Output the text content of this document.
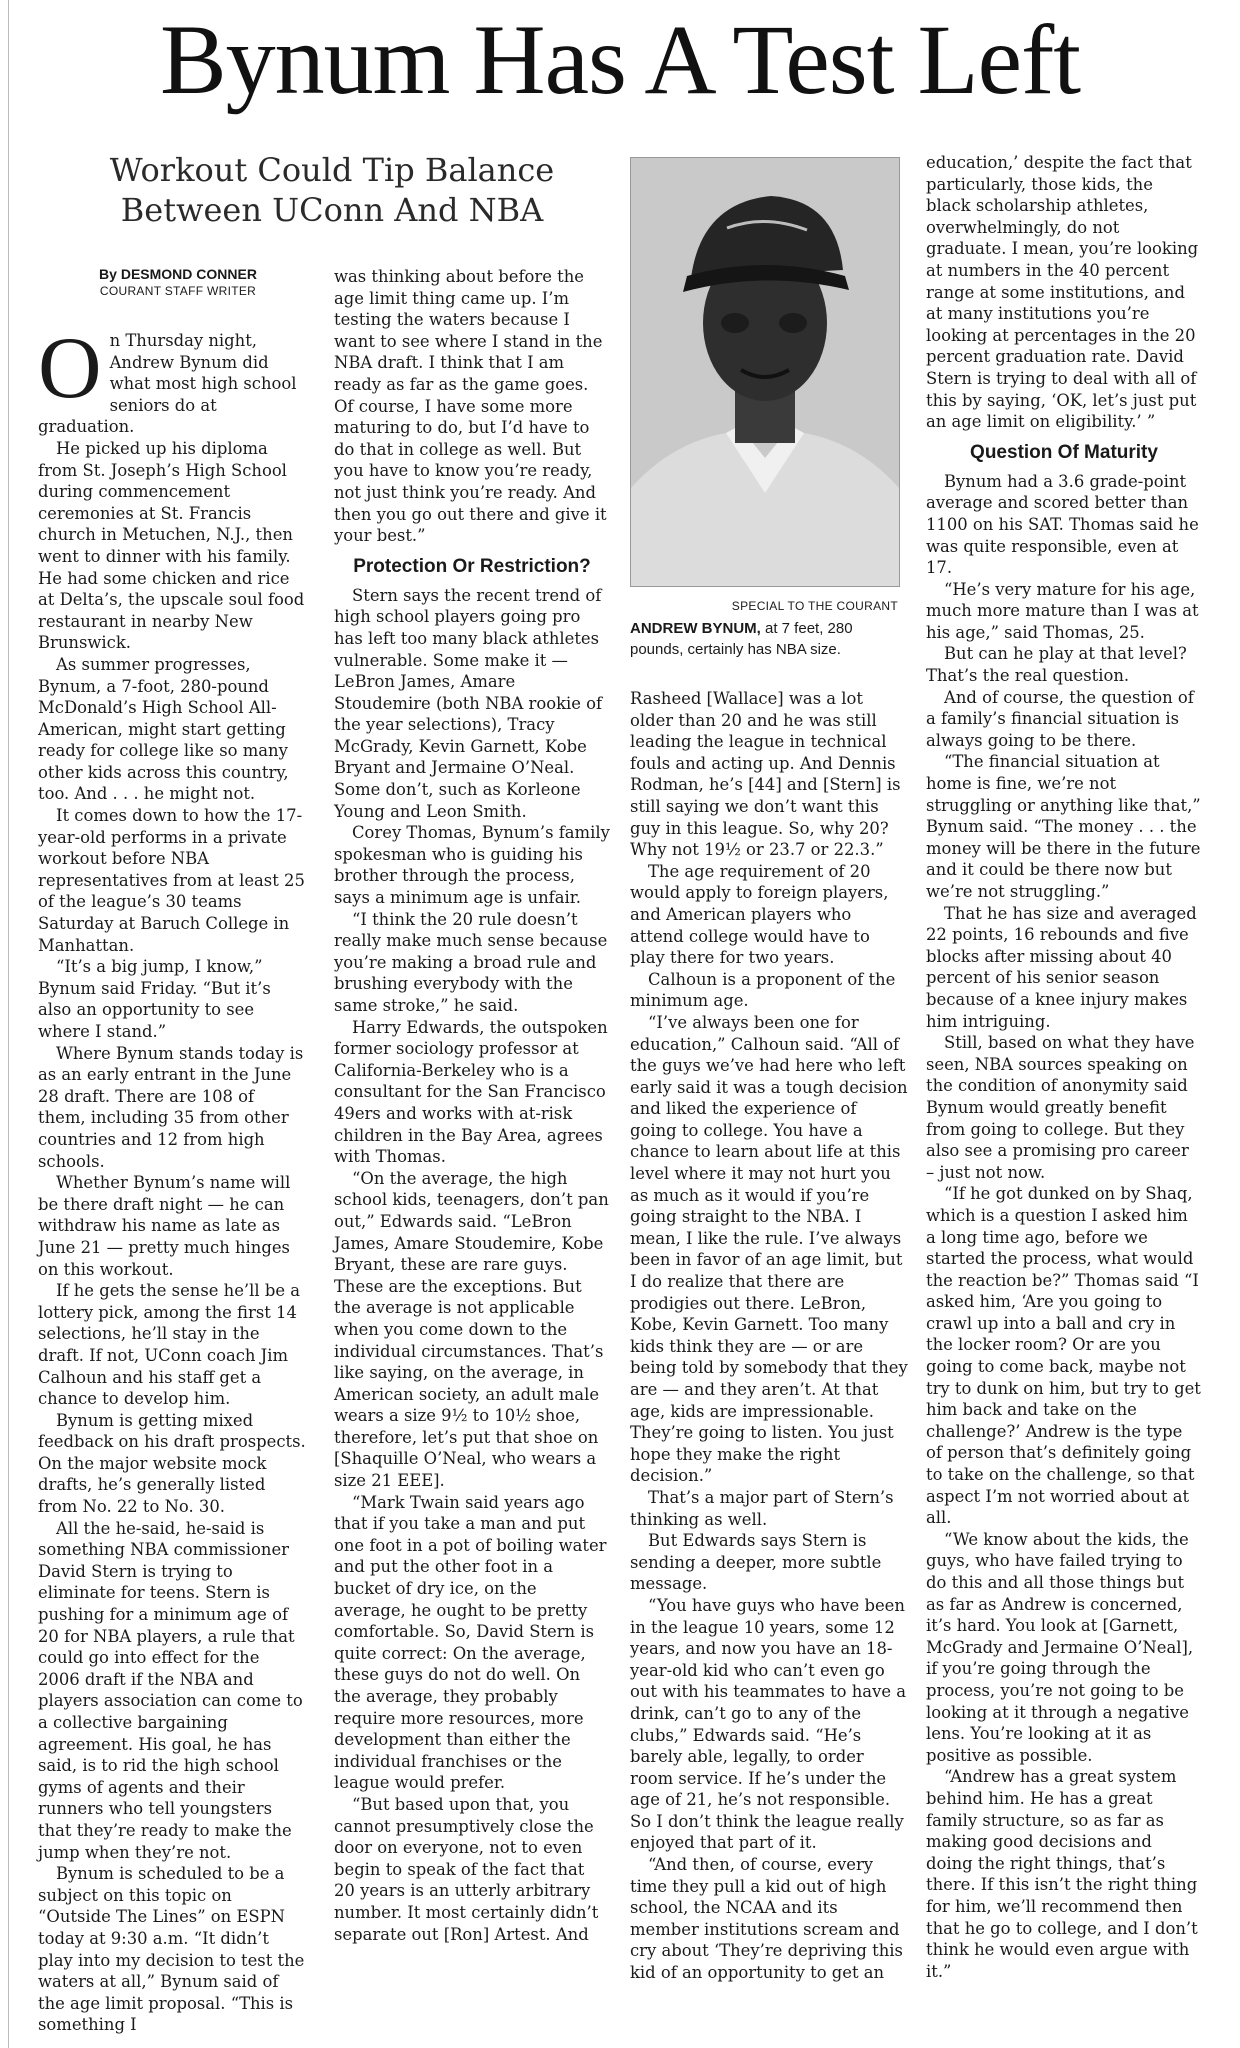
Bynum Has A Test Left
Workout Could Tip Balance Between UConn And NBA
By DESMOND CONNER
COURANT STAFF WRITER

On Thursday night, Andrew Bynum did what most high school seniors do at graduation.

He picked up his diploma from St. Joseph’s High School during commencement ceremonies at St. Francis church in Metuchen, N.J., then went to dinner with his family. He had some chicken and rice at Delta’s, the upscale soul food restaurant in nearby New Brunswick.

As summer progresses, Bynum, a 7-foot, 280-pound McDonald’s High School All-American, might start getting ready for college like so many other kids across this country, too. And . . . he might not.

It comes down to how the 17-year-old performs in a private workout before NBA representatives from at least 25 of the league’s 30 teams Saturday at Baruch College in Manhattan.

“It’s a big jump, I know,” Bynum said Friday. “But it’s also an opportunity to see where I stand.”

Where Bynum stands today is as an early entrant in the June 28 draft. There are 108 of them, including 35 from other countries and 12 from high schools.

Whether Bynum’s name will be there draft night — he can withdraw his name as late as June 21 — pretty much hinges on this workout.

If he gets the sense he’ll be a lottery pick, among the first 14 selections, he’ll stay in the draft. If not, UConn coach Jim Calhoun and his staff get a chance to develop him.

Bynum is getting mixed feedback on his draft prospects. On the major website mock drafts, he’s generally listed from No. 22 to No. 30.

All the he-said, he-said is something NBA commissioner David Stern is trying to eliminate for teens. Stern is pushing for a minimum age of 20 for NBA players, a rule that could go into effect for the 2006 draft if the NBA and players association can come to a collective bargaining agreement. His goal, he has said, is to rid the high school gyms of agents and their runners who tell youngsters that they’re ready to make the jump when they’re not.

Bynum is scheduled to be a subject on this topic on “Outside The Lines” on ESPN today at 9:30 a.m. “It didn’t play into my decision to test the waters at all,” Bynum said of the age limit proposal. “This is something I

was thinking about before the age limit thing came up. I’m testing the waters because I want to see where I stand in the NBA draft. I think that I am ready as far as the game goes. Of course, I have some more maturing to do, but I’d have to do that in college as well. But you have to know you’re ready, not just think you’re ready. And then you go out there and give it your best.”

Protection Or Restriction?

Stern says the recent trend of high school players going pro has left too many black athletes vulnerable. Some make it — LeBron James, Amare Stoudemire (both NBA rookie of the year selections), Tracy McGrady, Kevin Garnett, Kobe Bryant and Jermaine O’Neal. Some don’t, such as Korleone Young and Leon Smith.

Corey Thomas, Bynum’s family spokesman who is guiding his brother through the process, says a minimum age is unfair.

“I think the 20 rule doesn’t really make much sense because you’re making a broad rule and brushing everybody with the same stroke,” he said.

Harry Edwards, the outspoken former sociology professor at California-Berkeley who is a consultant for the San Francisco 49ers and works with at-risk children in the Bay Area, agrees with Thomas.

“On the average, the high school kids, teenagers, don’t pan out,” Edwards said. “LeBron James, Amare Stoudemire, Kobe Bryant, these are rare guys. These are the exceptions. But the average is not applicable when you come down to the individual circumstances. That’s like saying, on the average, in American society, an adult male wears a size 9½ to 10½ shoe, therefore, let’s put that shoe on [Shaquille O’Neal, who wears a size 21 EEE].

“Mark Twain said years ago that if you take a man and put one foot in a pot of boiling water and put the other foot in a bucket of dry ice, on the average, he ought to be pretty comfortable. So, David Stern is quite correct: On the average, these guys do not do well. On the average, they probably require more resources, more development than either the individual franchises or the league would prefer.

“But based upon that, you cannot presumptively close the door on everyone, not to even begin to speak of the fact that 20 years is an utterly arbitrary number. It most certainly didn’t separate out [Ron] Artest. And

SPECIAL TO THE COURANT
ANDREW BYNUM, at 7 feet, 280 pounds, certainly has NBA size.

Rasheed [Wallace] was a lot older than 20 and he was still leading the league in technical fouls and acting up. And Dennis Rodman, he’s [44] and [Stern] is still saying we don’t want this guy in this league. So, why 20? Why not 19½ or 23.7 or 22.3.”

The age requirement of 20 would apply to foreign players, and American players who attend college would have to play there for two years.

Calhoun is a proponent of the minimum age.

“I’ve always been one for education,” Calhoun said. “All of the guys we’ve had here who left early said it was a tough decision and liked the experience of going to college. You have a chance to learn about life at this level where it may not hurt you as much as it would if you’re going straight to the NBA. I mean, I like the rule. I’ve always been in favor of an age limit, but I do realize that there are prodigies out there. LeBron, Kobe, Kevin Garnett. Too many kids think they are — or are being told by somebody that they are — and they aren’t. At that age, kids are impressionable. They’re going to listen. You just hope they make the right decision.”

That’s a major part of Stern’s thinking as well.

But Edwards says Stern is sending a deeper, more subtle message.

“You have guys who have been in the league 10 years, some 12 years, and now you have an 18-year-old kid who can’t even go out with his teammates to have a drink, can’t go to any of the clubs,” Edwards said. “He’s barely able, legally, to order room service. If he’s under the age of 21, he’s not responsible. So I don’t think the league really enjoyed that part of it.

“And then, of course, every time they pull a kid out of high school, the NCAA and its member institutions scream and cry about ‘They’re depriving this kid of an opportunity to get an

education,’ despite the fact that particularly, those kids, the black scholarship athletes, overwhelmingly, do not graduate. I mean, you’re looking at numbers in the 40 percent range at some institutions, and at many institutions you’re looking at percentages in the 20 percent graduation rate. David Stern is trying to deal with all of this by saying, ‘OK, let’s just put an age limit on eligibility.’ ”

Question Of Maturity

Bynum had a 3.6 grade-point average and scored better than 1100 on his SAT. Thomas said he was quite responsible, even at 17.

“He’s very mature for his age, much more mature than I was at his age,” said Thomas, 25.

But can he play at that level? That’s the real question.

And of course, the question of a family’s financial situation is always going to be there.

“The financial situation at home is fine, we’re not struggling or anything like that,” Bynum said. “The money . . . the money will be there in the future and it could be there now but we’re not struggling.”

That he has size and averaged 22 points, 16 rebounds and five blocks after missing about 40 percent of his senior season because of a knee injury makes him intriguing.

Still, based on what they have seen, NBA sources speaking on the condition of anonymity said Bynum would greatly benefit from going to college. But they also see a promising pro career – just not now.

“If he got dunked on by Shaq, which is a question I asked him a long time ago, before we started the process, what would the reaction be?” Thomas said “I asked him, ‘Are you going to crawl up into a ball and cry in the locker room? Or are you going to come back, maybe not try to dunk on him, but try to get him back and take on the challenge?’ Andrew is the type of person that’s definitely going to take on the challenge, so that aspect I’m not worried about at all.

“We know about the kids, the guys, who have failed trying to do this and all those things but as far as Andrew is concerned, it’s hard. You look at [Garnett, McGrady and Jermaine O’Neal], if you’re going through the process, you’re not going to be looking at it through a negative lens. You’re looking at it as positive as possible.

“Andrew has a great system behind him. He has a great family structure, so as far as making good decisions and doing the right things, that’s there. If this isn’t the right thing for him, we’ll recommend then that he go to college, and I don’t think he would even argue with it.”
